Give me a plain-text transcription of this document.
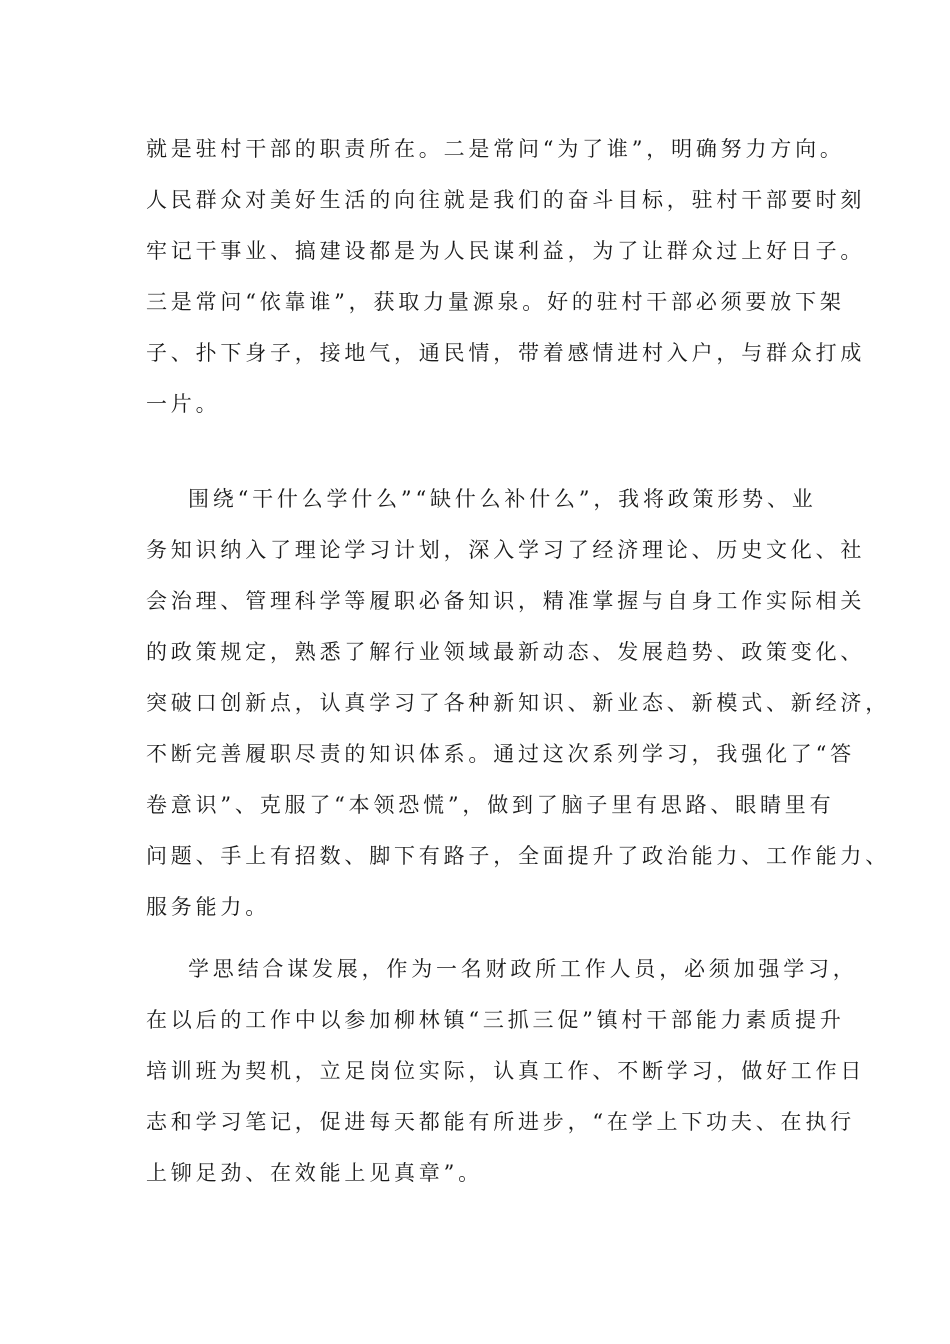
就是驻村干部的职责所在。二是常问“为了谁”，明确努力方向。
人民群众对美好生活的向往就是我们的奋斗目标，驻村干部要时刻
牢记干事业、搞建设都是为人民谋利益，为了让群众过上好日子。
三是常问“依靠谁”，获取力量源泉。好的驻村干部必须要放下架
子、扑下身子，接地气，通民情，带着感情进村入户，与群众打成
一片。
围绕“干什么学什么”“缺什么补什么”，我将政策形势、业
务知识纳入了理论学习计划，深入学习了经济理论、历史文化、社
会治理、管理科学等履职必备知识，精准掌握与自身工作实际相关
的政策规定，熟悉了解行业领域最新动态、发展趋势、政策变化、
突破口创新点，认真学习了各种新知识、新业态、新模式、新经济，
不断完善履职尽责的知识体系。通过这次系列学习，我强化了“答
卷意识”、克服了“本领恐慌”，做到了脑子里有思路、眼睛里有
问题、手上有招数、脚下有路子，全面提升了政治能力、工作能力、
服务能力。
学思结合谋发展，作为一名财政所工作人员，必须加强学习，
在以后的工作中以参加柳林镇“三抓三促”镇村干部能力素质提升
培训班为契机，立足岗位实际，认真工作、不断学习，做好工作日
志和学习笔记，促进每天都能有所进步，“在学上下功夫、在执行
上铆足劲、在效能上见真章”。
